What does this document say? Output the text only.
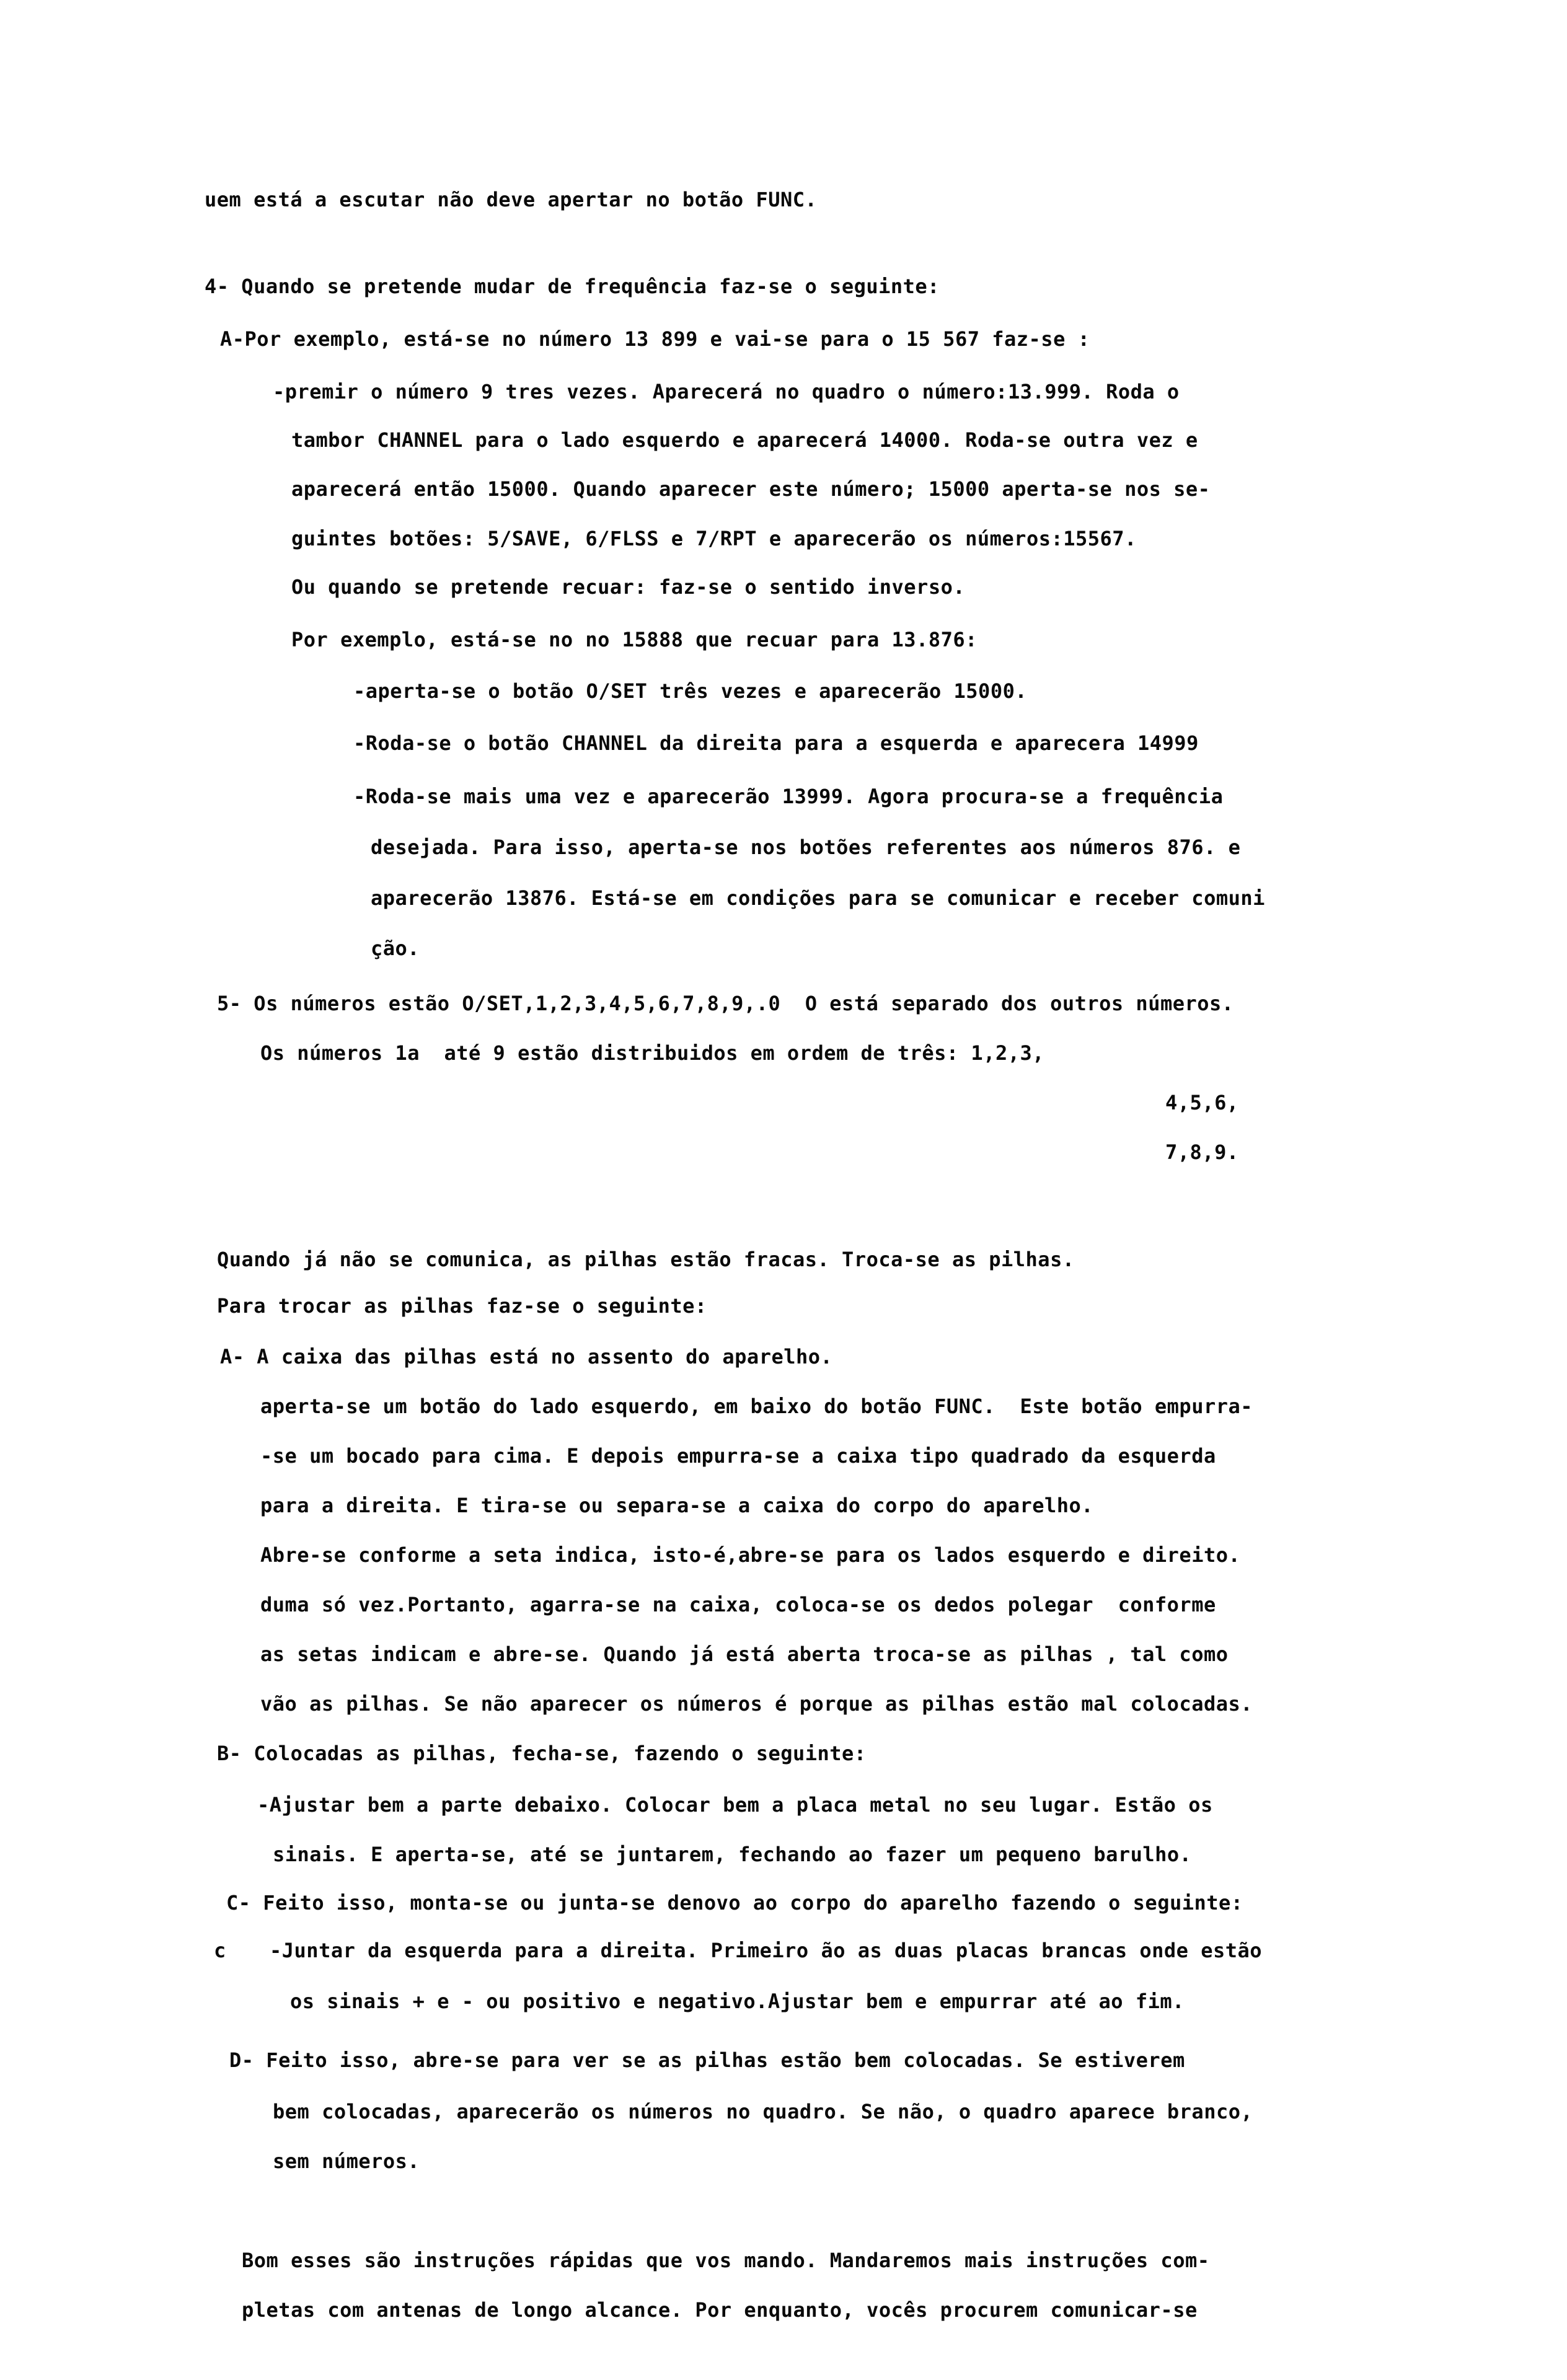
uem está a escutar não deve apertar no botão FUNC.
4- Quando se pretende mudar de frequência faz-se o seguinte:
A-Por exemplo, está-se no número 13 899 e vai-se para o 15 567 faz-se :
-premir o número 9 tres vezes. Aparecerá no quadro o número:13.999. Roda o
tambor CHANNEL para o lado esquerdo e aparecerá 14000. Roda-se outra vez e
aparecerá então 15000. Quando aparecer este número; 15000 aperta-se nos se-
guintes botões: 5/SAVE, 6/FLSS e 7/RPT e aparecerão os números:15567.
Ou quando se pretende recuar: faz-se o sentido inverso.
Por exemplo, está-se no no 15888 que recuar para 13.876:
-aperta-se o botão O/SET três vezes e aparecerão 15000.
-Roda-se o botão CHANNEL da direita para a esquerda e aparecera 14999
-Roda-se mais uma vez e aparecerão 13999. Agora procura-se a frequência
desejada. Para isso, aperta-se nos botões referentes aos números 876. e
aparecerão 13876. Está-se em condições para se comunicar e receber comuni
ção.
5- Os números estão O/SET,1,2,3,4,5,6,7,8,9,.0  O está separado dos outros números.
Os números 1a  até 9 estão distribuidos em ordem de três: 1,2,3,
4,5,6,
7,8,9.
Quando já não se comunica, as pilhas estão fracas. Troca-se as pilhas.
Para trocar as pilhas faz-se o seguinte:
A- A caixa das pilhas está no assento do aparelho.
aperta-se um botão do lado esquerdo, em baixo do botão FUNC.  Este botão empurra-
-se um bocado para cima. E depois empurra-se a caixa tipo quadrado da esquerda
para a direita. E tira-se ou separa-se a caixa do corpo do aparelho.
Abre-se conforme a seta indica, isto-é,abre-se para os lados esquerdo e direito.
duma só vez.Portanto, agarra-se na caixa, coloca-se os dedos polegar  conforme
as setas indicam e abre-se. Quando já está aberta troca-se as pilhas , tal como
vão as pilhas. Se não aparecer os números é porque as pilhas estão mal colocadas.
B- Colocadas as pilhas, fecha-se, fazendo o seguinte:
-Ajustar bem a parte debaixo. Colocar bem a placa metal no seu lugar. Estão os
sinais. E aperta-se, até se juntarem, fechando ao fazer um pequeno barulho.
C- Feito isso, monta-se ou junta-se denovo ao corpo do aparelho fazendo o seguinte:
c -Juntar da esquerda para a direita. Primeiro ão as duas placas brancas onde estão
os sinais + e - ou positivo e negativo.Ajustar bem e empurrar até ao fim.
D- Feito isso, abre-se para ver se as pilhas estão bem colocadas. Se estiverem
bem colocadas, aparecerão os números no quadro. Se não, o quadro aparece branco,
sem números.
Bom esses são instruções rápidas que vos mando. Mandaremos mais instruções com-
pletas com antenas de longo alcance. Por enquanto, vocês procurem comunicar-se
